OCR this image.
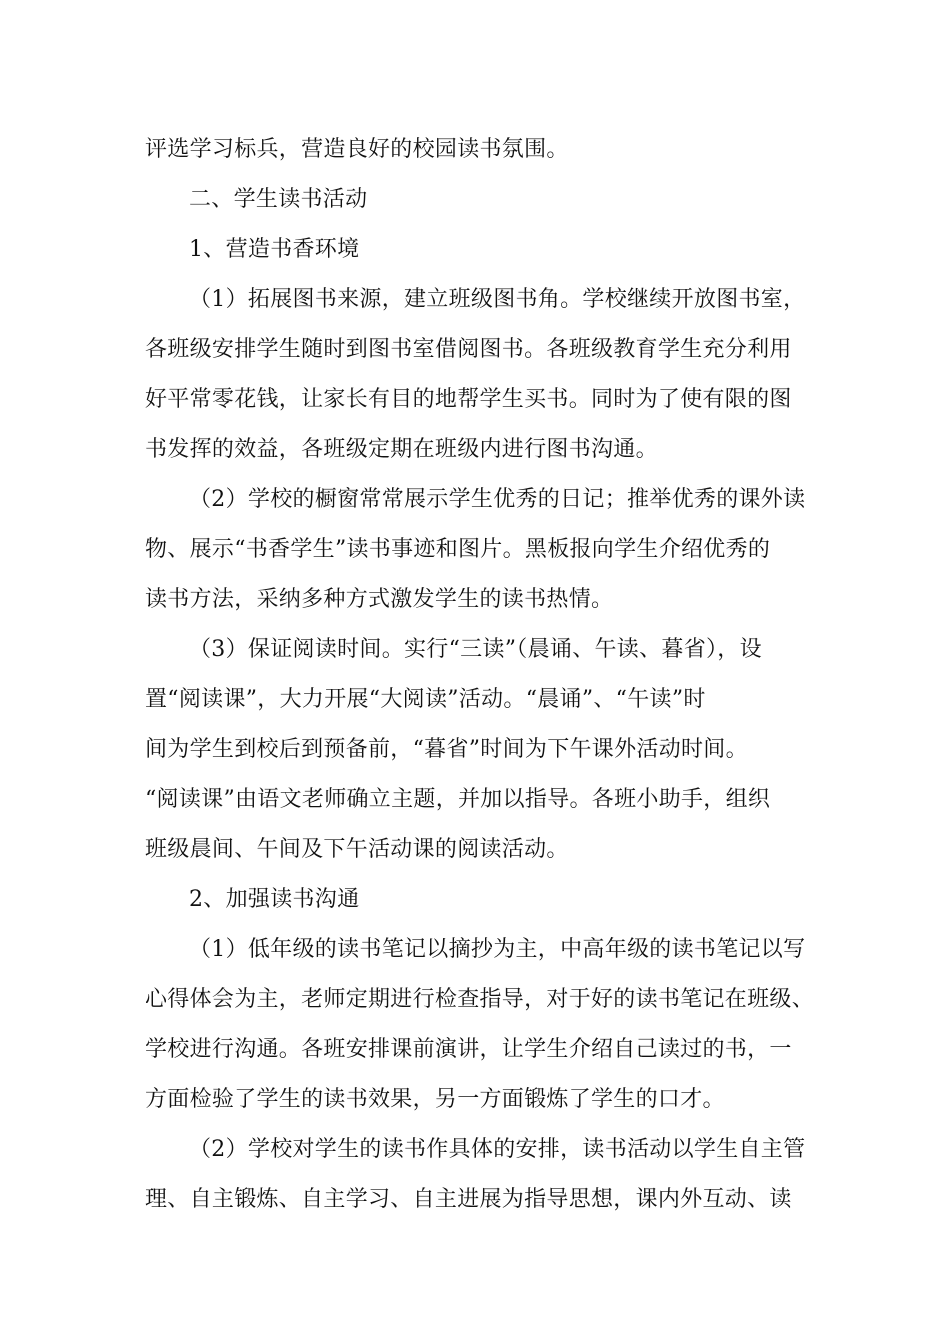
评选学习标兵，营造良好的校园读书氛围。
二、学生读书活动
1、营造书香环境
（1）拓展图书来源，建立班级图书角。学校继续开放图书室，
各班级安排学生随时到图书室借阅图书。各班级教育学生充分利用
好平常零花钱，让家长有目的地帮学生买书。同时为了使有限的图
书发挥的效益，各班级定期在班级内进行图书沟通。
（2）学校的橱窗常常展示学生优秀的日记；推举优秀的课外读
物、展示“书香学生”读书事迹和图片。黑板报向学生介绍优秀的
读书方法，采纳多种方式激发学生的读书热情。
（3）保证阅读时间。实行“三读”（晨诵、午读、暮省），设
置“阅读课”，大力开展“大阅读”活动。“晨诵”、“午读”时
间为学生到校后到预备前，“暮省”时间为下午课外活动时间。
“阅读课”由语文老师确立主题，并加以指导。各班小助手，组织
班级晨间、午间及下午活动课的阅读活动。
2、加强读书沟通
（1）低年级的读书笔记以摘抄为主，中高年级的读书笔记以写
心得体会为主，老师定期进行检查指导，对于好的读书笔记在班级、
学校进行沟通。各班安排课前演讲，让学生介绍自己读过的书，一
方面检验了学生的读书效果，另一方面锻炼了学生的口才。
（2）学校对学生的读书作具体的安排，读书活动以学生自主管
理、自主锻炼、自主学习、自主进展为指导思想，课内外互动、读
